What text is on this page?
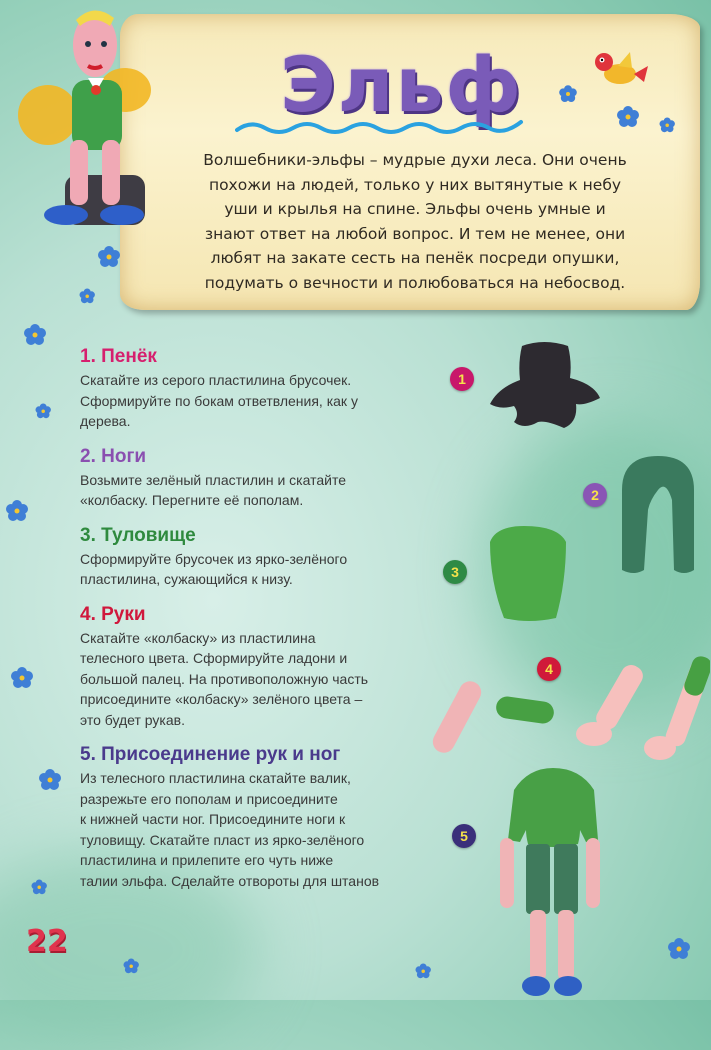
Эльф
Волшебники-эльфы – мудрые духи леса. Они очень
похожи на людей, только у них вытянутые к небу
уши и крылья на спине. Эльфы очень умные и
знают ответ на любой вопрос. И тем не менее, они
любят на закате сесть на пенёк посреди опушки,
подумать о вечности и полюбоваться на небосвод.
1. Пенёк

Скатайте из серого пластилина брусочек.

Сформируйте по бокам ответвления, как у

дерева.

2. Ноги

Возьмите зелёный пластилин и скатайте

«колбаску. Перегните её пополам.

3. Туловище

Сформируйте брусочек из ярко-зелёного

пластилина, сужающийся к низу.

4. Руки

Скатайте «колбаску» из пластилина

телесного цвета. Сформируйте ладони и

большой палец. На противоположную часть

присоедините «колбаску» зелёного цвета –

это будет рукав.

5. Присоединение рук и ног

Из телесного пластилина скатайте валик,

разрежьте его пополам и присоедините

к нижней части ног. Присоедините ноги к

туловищу. Скатайте пласт из ярко-зелёного

пластилина и прилепите его чуть ниже

талии эльфа. Сделайте отвороты для штанов

1
2
3
4
5
22
